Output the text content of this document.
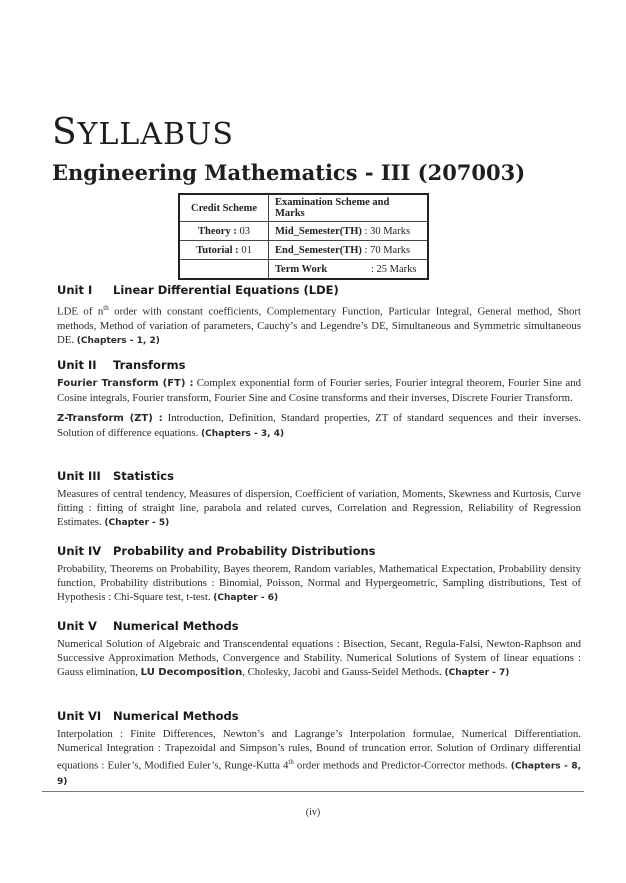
SYLLABUS
Engineering Mathematics - III (207003)
Credit Scheme	Examination Scheme and Marks
Theory : 03	Mid_Semester(TH) : 30 Marks
Tutorial : 01	End_Semester(TH) : 70 Marks
	Term Work : 25 Marks
Unit I Linear Differential Equations (LDE)

LDE of $n^{th}$ order with constant coefficients, Complementary Function, Particular Integral, General method, Short methods, Method of variation of parameters, Cauchy’s and Legendre’s DE, Simultaneous and Symmetric simultaneous DE. (Chapters - 1, 2)

Unit II Transforms

Fourier Transform (FT) : Complex exponential form of Fourier series, Fourier integral theorem, Fourier Sine and Cosine integrals, Fourier transform, Fourier Sine and Cosine transforms and their inverses, Discrete Fourier Transform.

Z-Transform (ZT) : Introduction, Definition, Standard properties, ZT of standard sequences and their inverses. Solution of difference equations. (Chapters - 3, 4)

Unit III Statistics

Measures of central tendency, Measures of dispersion, Coefficient of variation, Moments, Skewness and Kurtosis, Curve fitting : fitting of straight line, parabola and related curves, Correlation and Regression, Reliability of Regression Estimates. (Chapter - 5)

Unit IV Probability and Probability Distributions

Probability, Theorems on Probability, Bayes theorem, Random variables, Mathematical Expectation, Probability density function, Probability distributions : Binomial, Poisson, Normal and Hypergeometric, Sampling distributions, Test of Hypothesis : Chi-Square test, t-test. (Chapter - 6)

Unit V Numerical Methods

Numerical Solution of Algebraic and Transcendental equations : Bisection, Secant, Regula-Falsi, Newton-Raphson and Successive Approximation Methods, Convergence and Stability. Numerical Solutions of System of linear equations : Gauss elimination, LU Decomposition, Cholesky, Jacobi and Gauss-Seidel Methods. (Chapter - 7)

Unit VI Numerical Methods

Interpolation : Finite Differences, Newton’s and Lagrange’s Interpolation formulae, Numerical Differentiation. Numerical Integration : Trapezoidal and Simpson’s rules, Bound of truncation error. Solution of Ordinary differential equations : Euler’s, Modified Euler’s, Runge-Kutta 4th order methods and Predictor-Corrector methods. (Chapters - 8, 9)

(iv)
